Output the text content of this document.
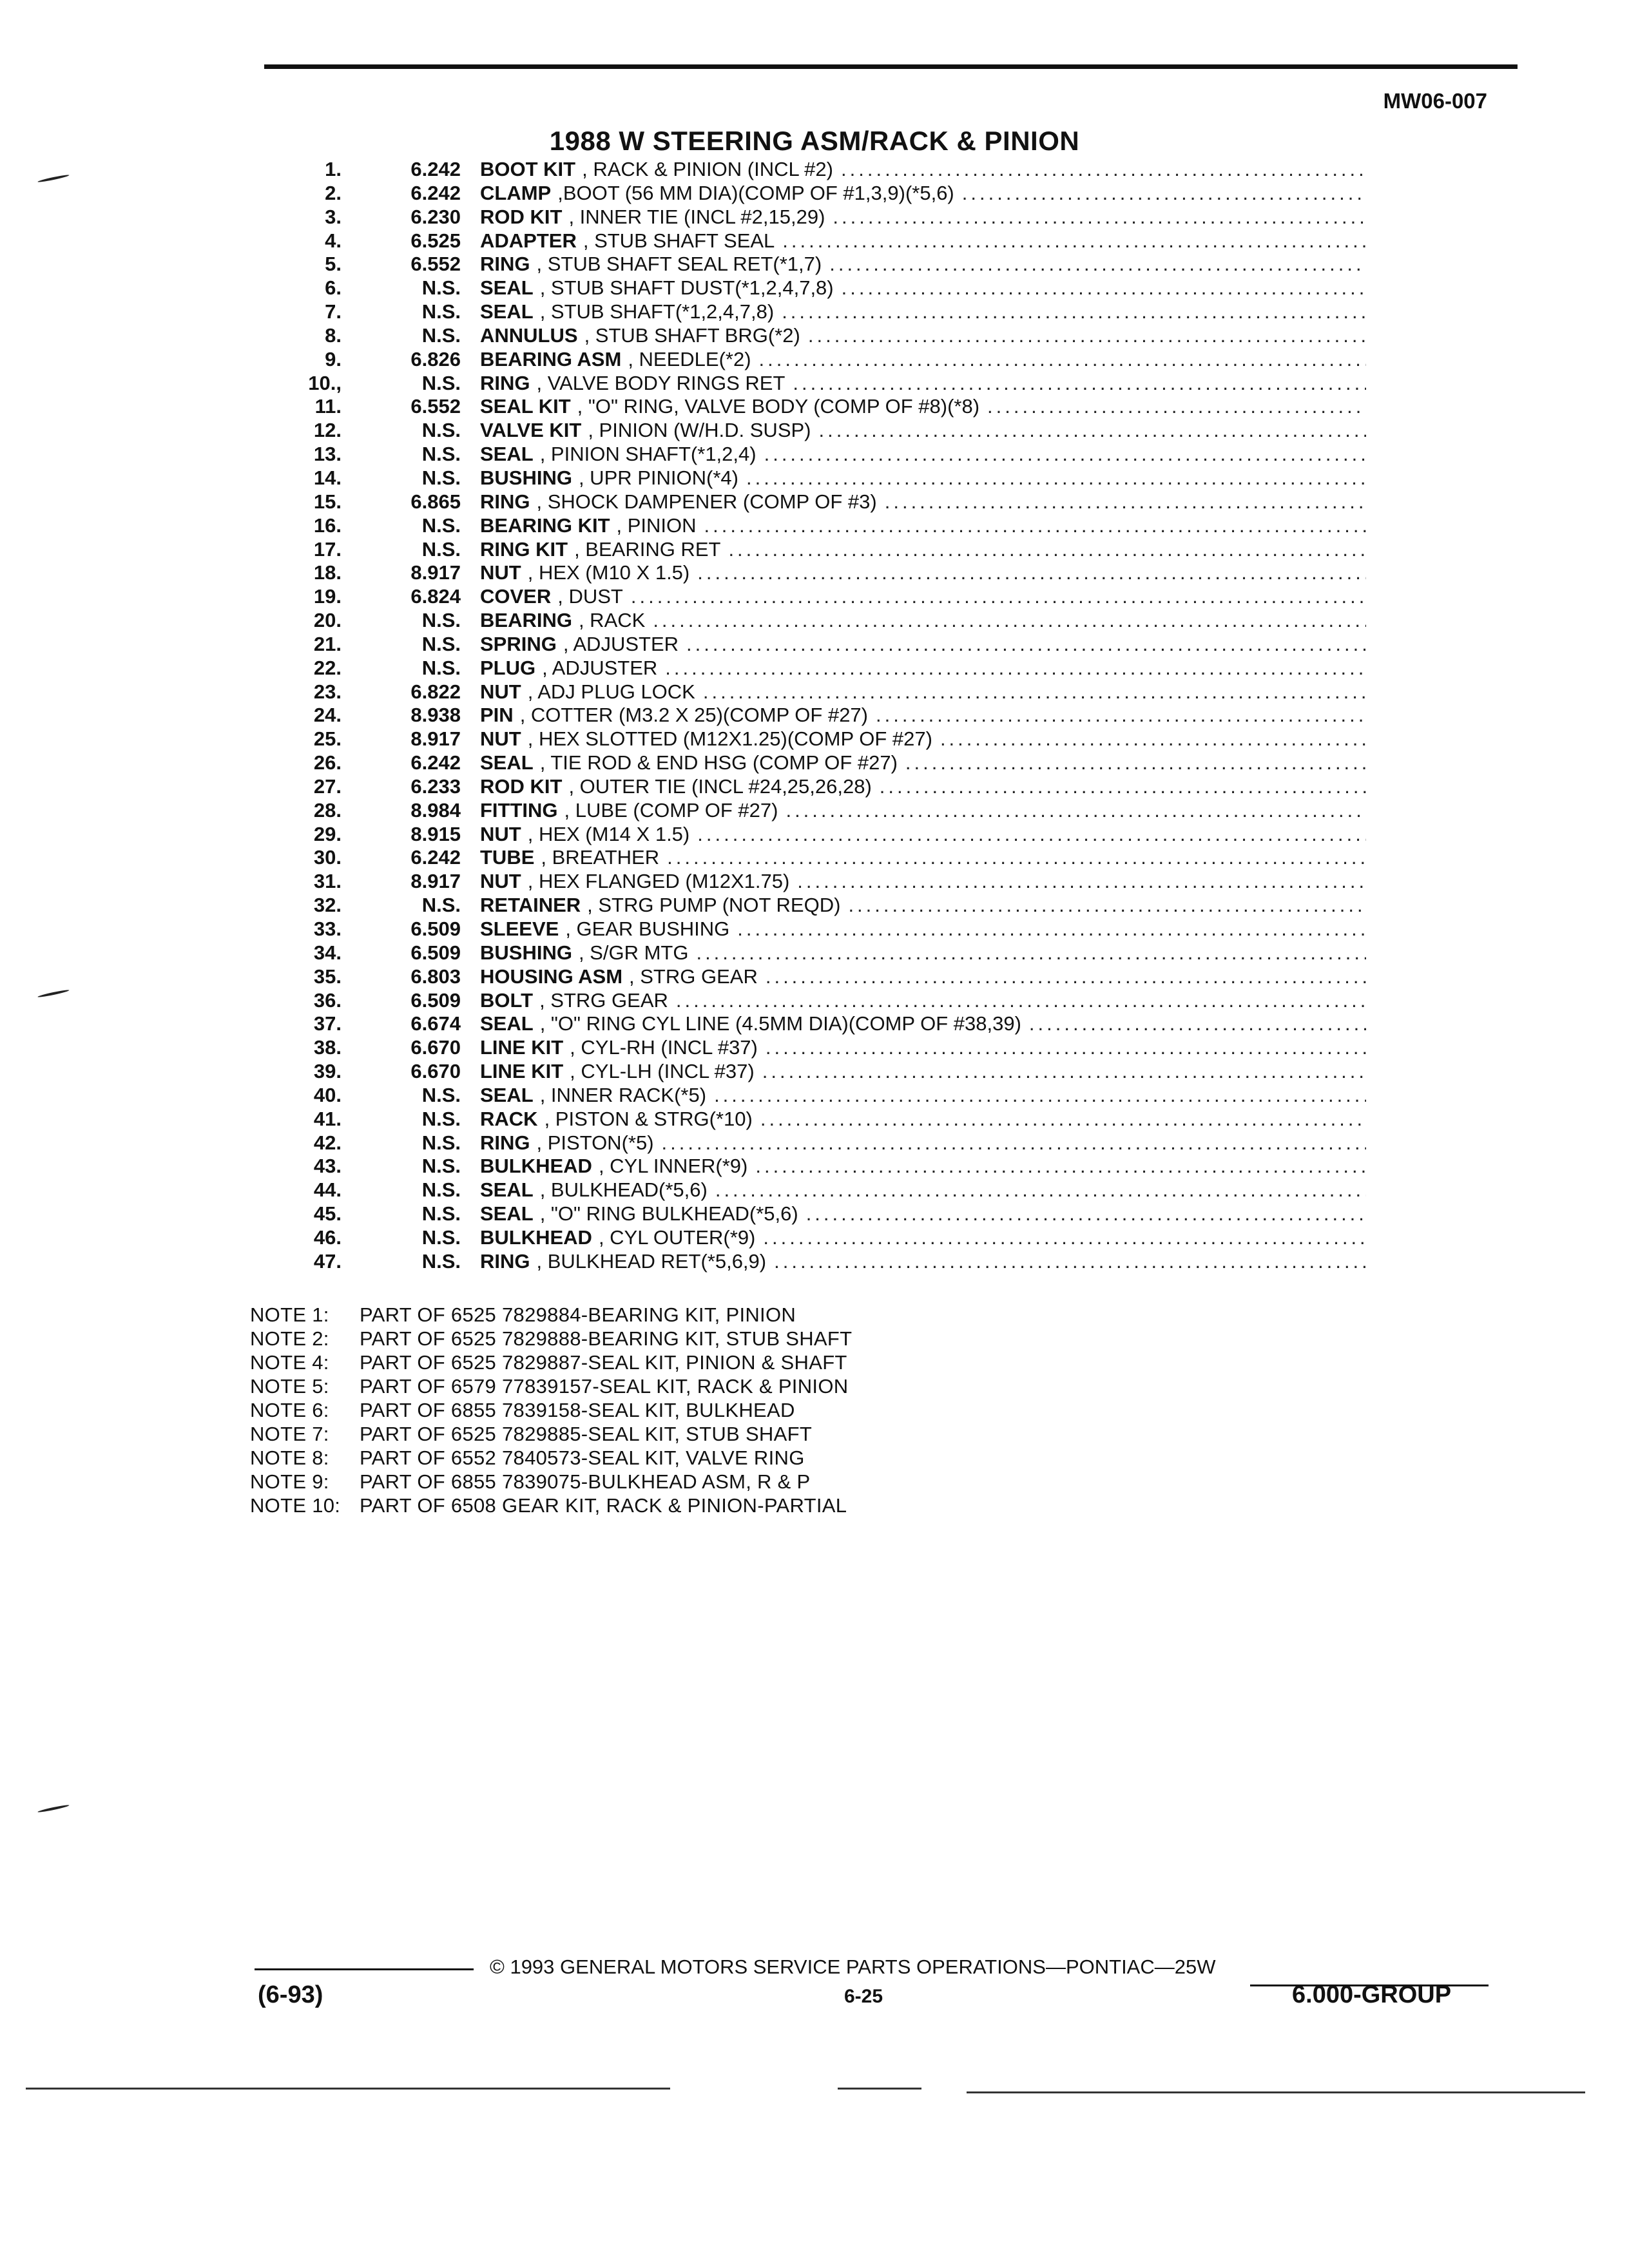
MW06-007
1988 W STEERING ASM/RACK & PINION
1.	6.242 BOOT KIT , RACK & PINION (INCL #2)
.....
2.	6.242 CLAMP ,BOOT (56 MM DIA)(COMP OF #1,3,9)(*5,6)
.....
3.	6.230 ROD KIT , INNER TIE (INCL #2,15,29)
.....
4.	6.525 ADAPTER , STUB SHAFT SEAL
.....
5.	6.552 RING , STUB SHAFT SEAL RET(*1,7)
.....
6.	N.S. SEAL , STUB SHAFT DUST(*1,2,4,7,8)
.....
7.	N.S. SEAL , STUB SHAFT(*1,2,4,7,8)
.....
8.	N.S. ANNULUS , STUB SHAFT BRG(*2)
.....
9.	6.826 BEARING ASM , NEEDLE(*2)
.....
10.,	N.S. RING , VALVE BODY RINGS RET
.....
11.	6.552 SEAL KIT , "O" RING, VALVE BODY (COMP OF #8)(*8)
.....
12.	N.S. VALVE KIT , PINION (W/H.D. SUSP)
.....
13.	N.S. SEAL , PINION SHAFT(*1,2,4)
.....
14.	N.S. BUSHING , UPR PINION(*4)
.....
15.	6.865 RING , SHOCK DAMPENER (COMP OF #3)
.....
16.	N.S. BEARING KIT , PINION
.....
17.	N.S. RING KIT , BEARING RET
.....
18.	8.917 NUT , HEX (M10 X 1.5)
.....
19.	6.824 COVER , DUST
.....
20.	N.S. BEARING , RACK
.....
21.	N.S. SPRING , ADJUSTER
.....
22.	N.S. PLUG , ADJUSTER
.....
23.	6.822 NUT , ADJ PLUG LOCK
.....
24.	8.938 PIN , COTTER (M3.2 X 25)(COMP OF #27)
.....
25.	8.917 NUT , HEX SLOTTED (M12X1.25)(COMP OF #27)
.....
26.	6.242 SEAL , TIE ROD & END HSG (COMP OF #27)
.....
27.	6.233 ROD KIT , OUTER TIE (INCL #24,25,26,28)
.....
28.	8.984 FITTING , LUBE (COMP OF #27)
.....
29.	8.915 NUT , HEX (M14 X 1.5)
.....
30.	6.242 TUBE , BREATHER
.....
31.	8.917 NUT , HEX FLANGED (M12X1.75)
.....
32.	N.S. RETAINER , STRG PUMP (NOT REQD)
.....
33.	6.509 SLEEVE , GEAR BUSHING
.....
34.	6.509 BUSHING , S/GR MTG
.....
35.	6.803 HOUSING ASM , STRG GEAR
.....
36.	6.509 BOLT , STRG GEAR
.....
37.	6.674 SEAL , "O" RING CYL LINE (4.5MM DIA)(COMP OF #38,39)
.....
38.	6.670 LINE KIT , CYL-RH (INCL #37)
.....
39.	6.670 LINE KIT , CYL-LH (INCL #37)
.....
40.	N.S. SEAL , INNER RACK(*5)
.....
41.	N.S. RACK , PISTON & STRG(*10)
.....
42.	N.S. RING , PISTON(*5)
.....
43.	N.S. BULKHEAD , CYL INNER(*9)
.....
44.	N.S. SEAL , BULKHEAD(*5,6)
.....
45.	N.S. SEAL , "O" RING BULKHEAD(*5,6)
.....
46.	N.S. BULKHEAD , CYL OUTER(*9)
.....
47.	N.S. RING , BULKHEAD RET(*5,6,9)
.....
NOTE 1: PART OF 6525 7829884-BEARING KIT, PINION
NOTE 2: PART OF 6525 7829888-BEARING KIT, STUB SHAFT
NOTE 4: PART OF 6525 7829887-SEAL KIT, PINION & SHAFT
NOTE 5: PART OF 6579 77839157-SEAL KIT, RACK & PINION
NOTE 6: PART OF 6855 7839158-SEAL KIT, BULKHEAD
NOTE 7: PART OF 6525 7829885-SEAL KIT, STUB SHAFT
NOTE 8: PART OF 6552 7840573-SEAL KIT, VALVE RING
NOTE 9: PART OF 6855 7839075-BULKHEAD ASM, R & P
NOTE 10: PART OF 6508 GEAR KIT, RACK & PINION-PARTIAL
© 1993 GENERAL MOTORS SERVICE PARTS OPERATIONS—PONTIAC—25W
(6-93)	6-25	6.000-GROUP
